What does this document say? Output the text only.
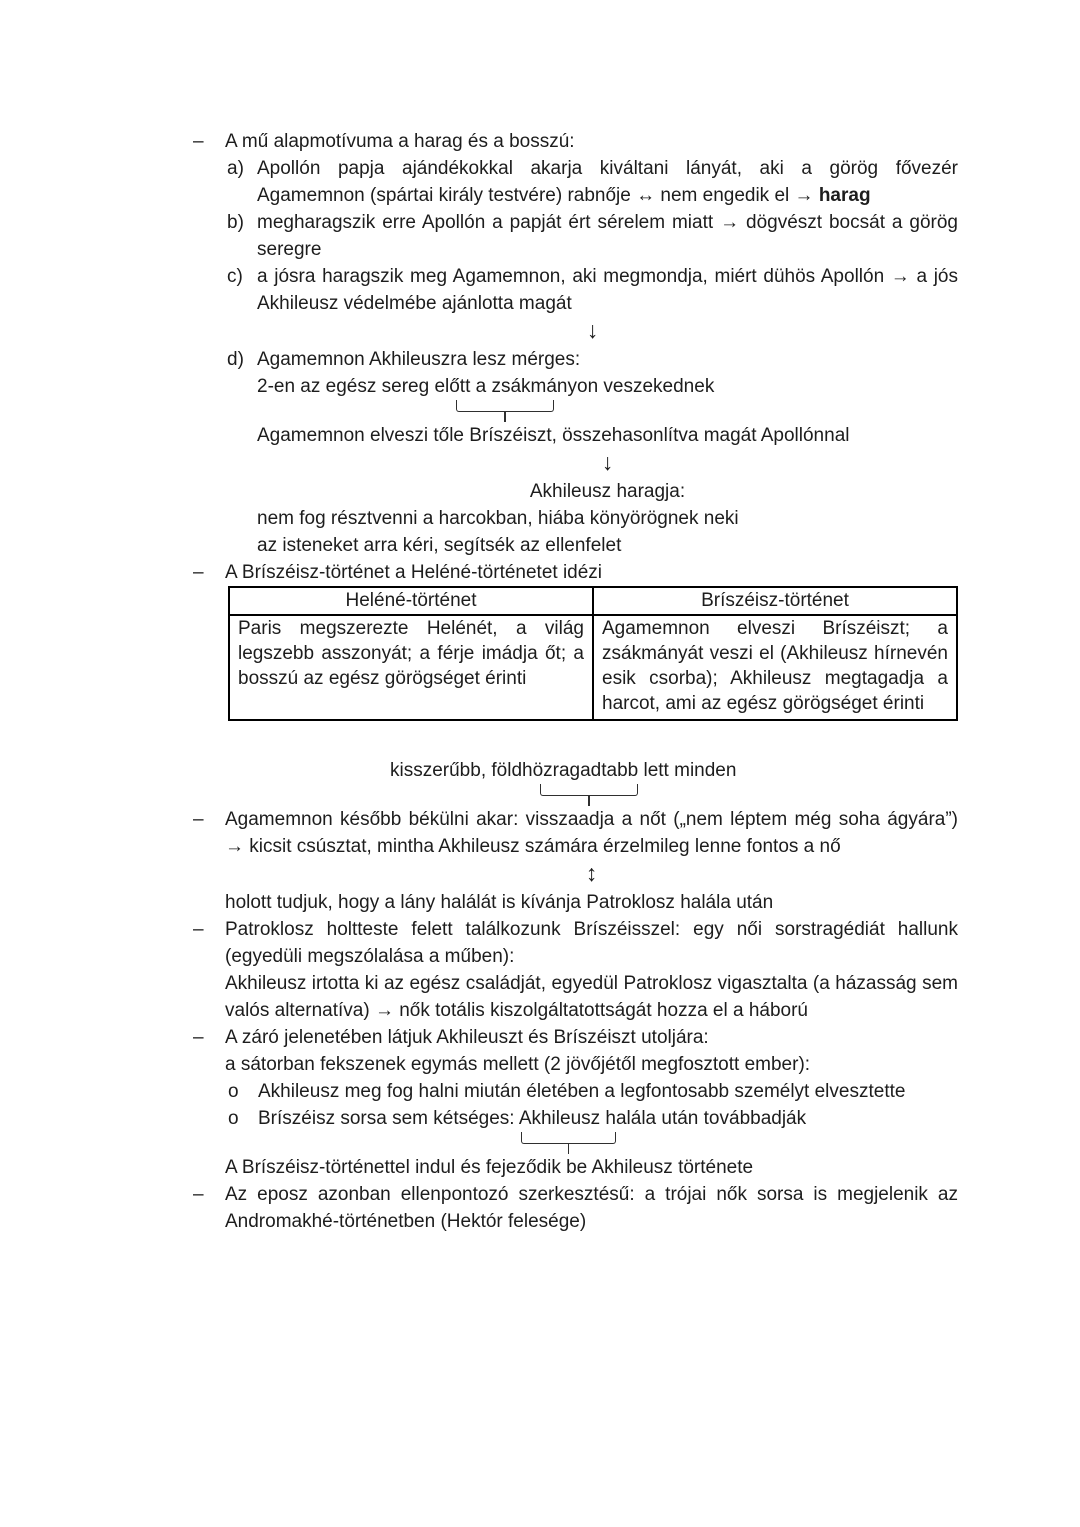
–	A mű alapmotívuma a harag és a bosszú:
a) Apollón papja ajándékokkal akarja kiváltani lányát, aki a görög fővezér Agamemnon (spártai király testvére) rabnője ↔ nem engedik el → harag
b) megharagszik erre Apollón a papját ért sérelem miatt → dögvészt bocsát a görög seregre
c) a jósra haragszik meg Agamemnon, aki megmondja, miért dühös Apollón → a jós Akhileusz védelmébe ajánlotta magát
↓
d) Agamemnon Akhileuszra lesz mérges:

2-en az egész sereg előtt a zsákmányon veszekednek

Agamemnon elveszi tőle Bríszéiszt, összehasonlítva magát Apollónnal

↓

Akhileusz haragja:

nem fog résztvenni a harcokban, hiába könyörögnek neki

az isteneket arra kéri, segítsék az ellenfelet

–	A Bríszéisz-történet a Heléné-történetet idézi
Heléné-történet	Bríszéisz-történet
Paris megszerezte Helénét, a világ legszebb asszonyát; a férje imádja őt; a bosszú az egész görögséget érinti	Agamemnon elveszi Bríszéiszt; a zsákmányát veszi el (Akhileusz hírnevén esik csorba); Akhileusz megtagadja a harcot, ami az egész görögséget érinti
kisszerűbb, földhözragadtabb lett minden
–	Agamemnon később békülni akar: visszaadja a nőt („nem léptem még soha ágyára”) → kicsit csúsztat, mintha Akhileusz számára érzelmileg lenne fontos a nő
↕
holott tudjuk, hogy a lány halálát is kívánja Patroklosz halála után
–	Patroklosz holtteste felett találkozunk Bríszéisszel: egy női sorstragédiát hallunk (egyedüli megszólalása a műben):

Akhileusz irtotta ki az egész családját, egyedül Patroklosz vigasztalta (a házasság sem valós alternatíva) → nők totális kiszolgáltatottságát hozza el a háború

–	A záró jelenetében látjuk Akhileuszt és Bríszéiszt utoljára:

a sátorban fekszenek egymás mellett (2 jövőjétől megfosztott ember):

o	Akhileusz meg fog halni miután életében a legfontosabb személyt elvesztette
o	Bríszéisz sorsa sem kétséges: Akhileusz halála után továbbadják

A Bríszéisz-történettel indul és fejeződik be Akhileusz története

–	Az eposz azonban ellenpontozó szerkesztésű: a trójai nők sorsa is megjelenik az Andromakhé-történetben (Hektór felesége)
